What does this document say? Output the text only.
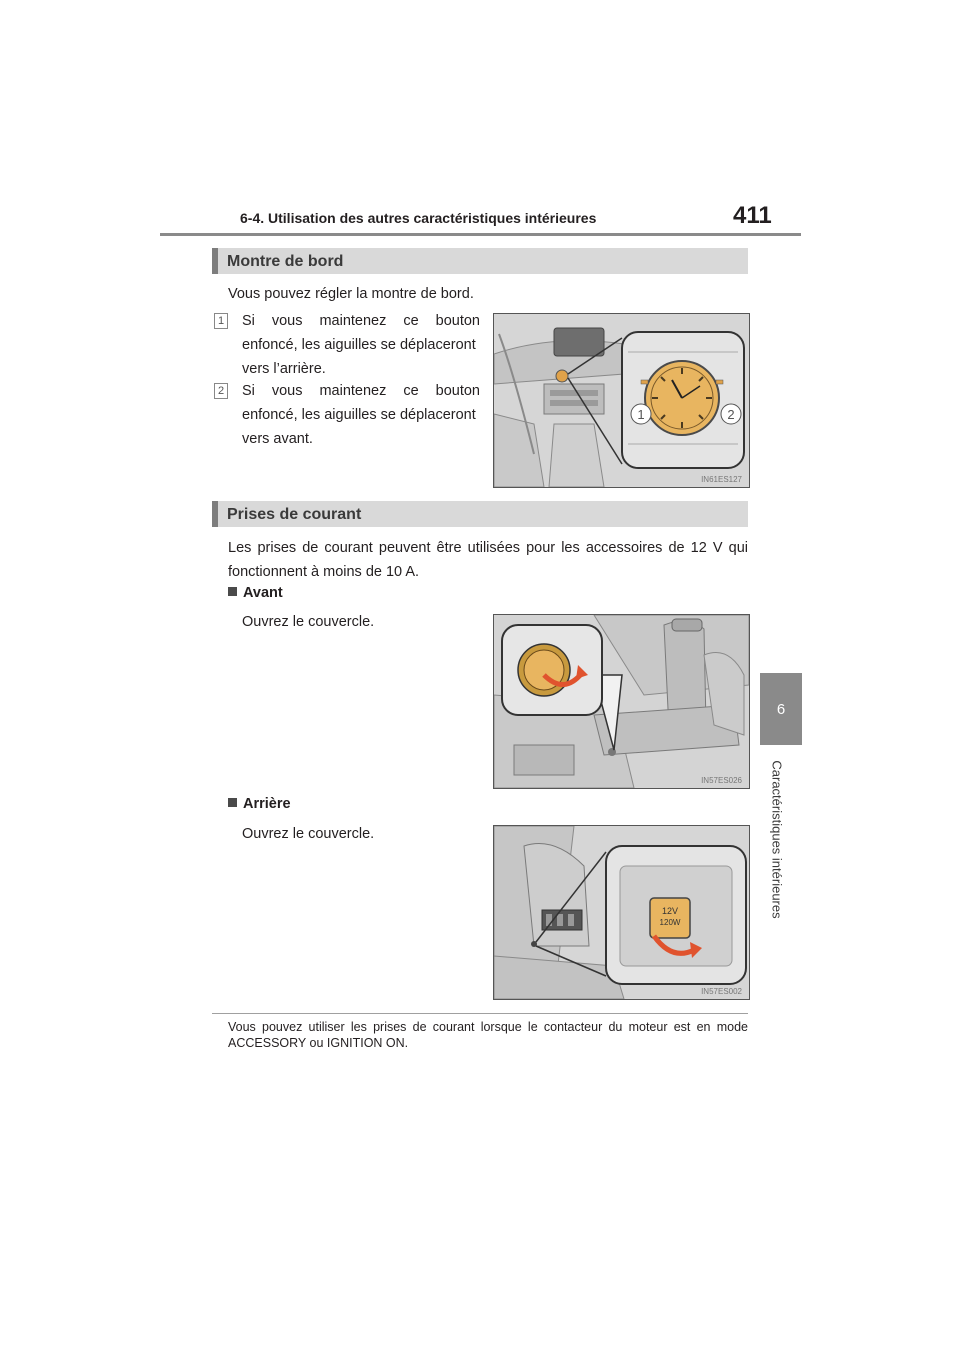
6-4. Utilisation des autres caractéristiques intérieures	411
6
Caractéristiques intérieures
Montre de bord
Vous pouvez régler la montre de bord.
1 Si vous maintenez ce bouton
enfoncé, les aiguilles se déplaceront
vers l’arrière.
2 Si vous maintenez ce bouton
enfoncé, les aiguilles se déplaceront
vers avant.
1	2
IN61ES127
Prises de courant
Les prises de courant peuvent être utilisées pour les accessoires de 12 V qui
fonctionnent à moins de 10 A.
Avant
Ouvrez le couvercle.
IN57ES026
Arrière
Ouvrez le couvercle.
12V
120W
IN57ES002
Vous pouvez utiliser les prises de courant lorsque le contacteur du moteur est en mode
ACCESSORY ou IGNITION ON.
